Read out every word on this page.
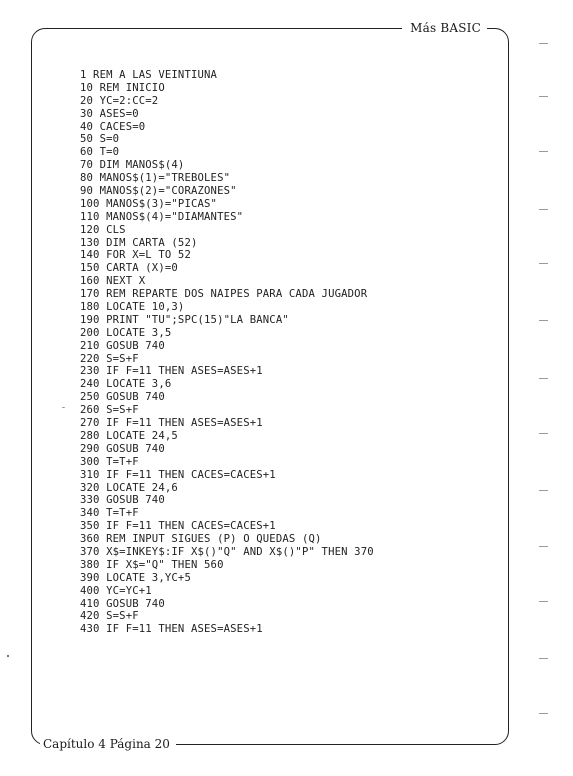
Más BASIC
1 REM A LAS VEINTIUNA
10 REM INICIO
20 YC=2:CC=2
30 ASES=0
40 CACES=0
50 S=0
60 T=0
70 DIM MANOS$(4)
80 MANOS$(1)="TREBOLES"
90 MANOS$(2)="CORAZONES"
100 MANOS$(3)="PICAS"
110 MANOS$(4)="DIAMANTES"
120 CLS
130 DIM CARTA (52)
140 FOR X=L TO 52
150 CARTA (X)=0
160 NEXT X
170 REM REPARTE DOS NAIPES PARA CADA JUGADOR
180 LOCATE 10,3)
190 PRINT "TU";SPC(15)"LA BANCA"
200 LOCATE 3,5
210 GOSUB 740
220 S=S+F
230 IF F=11 THEN ASES=ASES+1
240 LOCATE 3,6
250 GOSUB 740
260 S=S+F
270 IF F=11 THEN ASES=ASES+1
280 LOCATE 24,5
290 GOSUB 740
300 T=T+F
310 IF F=11 THEN CACES=CACES+1
320 LOCATE 24,6
330 GOSUB 740
340 T=T+F
350 IF F=11 THEN CACES=CACES+1
360 REM INPUT SIGUES (P) O QUEDAS (Q)
370 X$=INKEY$:IF X$()"Q" AND X$()"P" THEN 370
380 IF X$="Q" THEN 560
390 LOCATE 3,YC+5
400 YC=YC+1
410 GOSUB 740
420 S=S+F
430 IF F=11 THEN ASES=ASES+1
Capítulo 4 Página 20
